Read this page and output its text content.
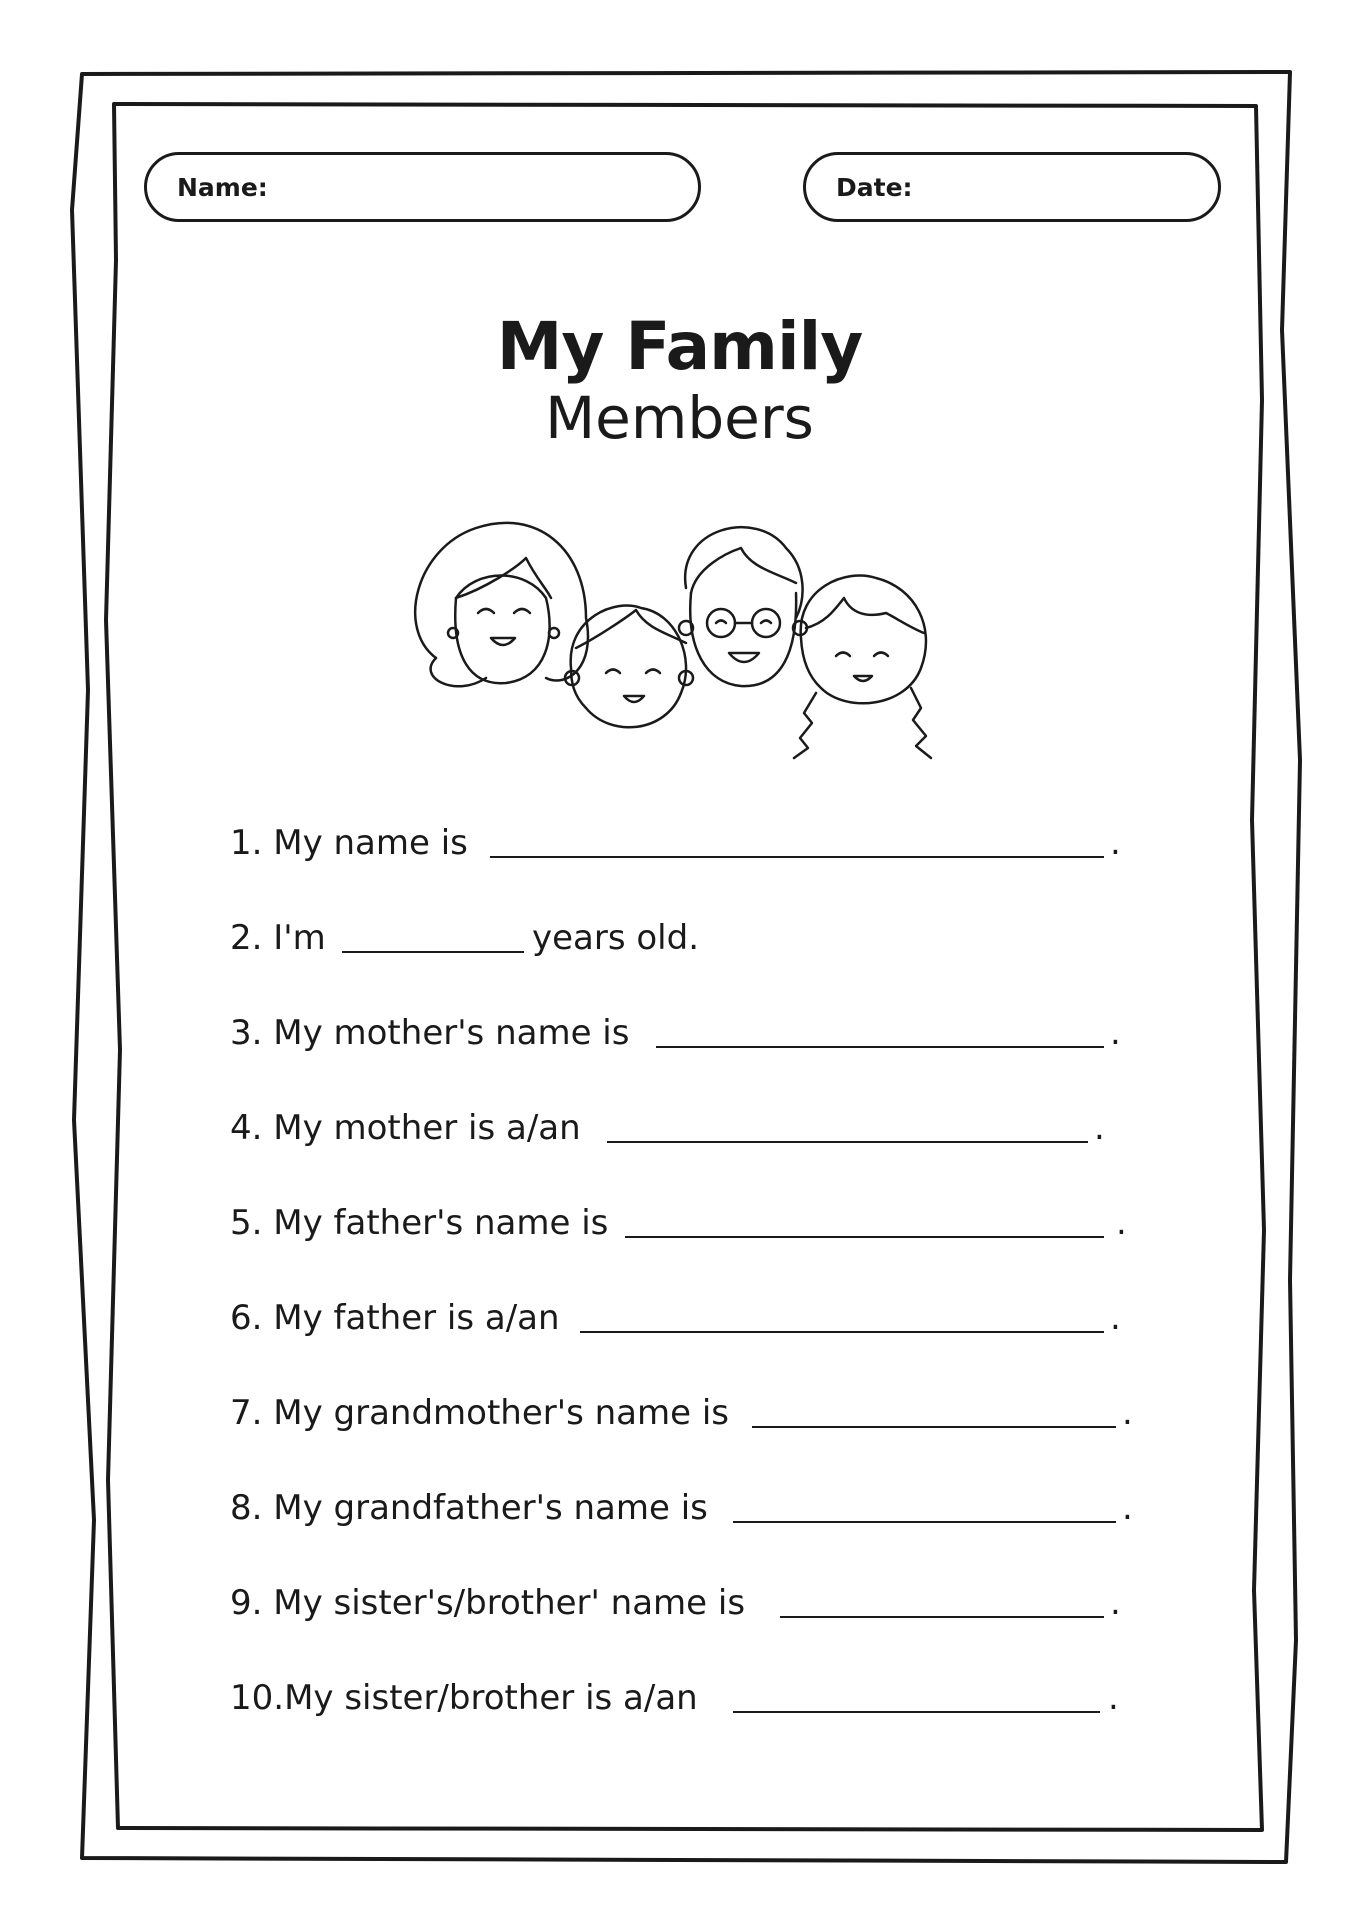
Name:	Date:
My Family
Members
1. My name is	.
2. I'm	years old.
3. My mother's name is	.
4. My mother is a/an	.
5. My father's name is	.
6. My father is a/an	.
7. My grandmother's name is	.
8. My grandfather's name is	.
9. My sister's/brother' name is	.
10.My sister/brother is a/an	.
